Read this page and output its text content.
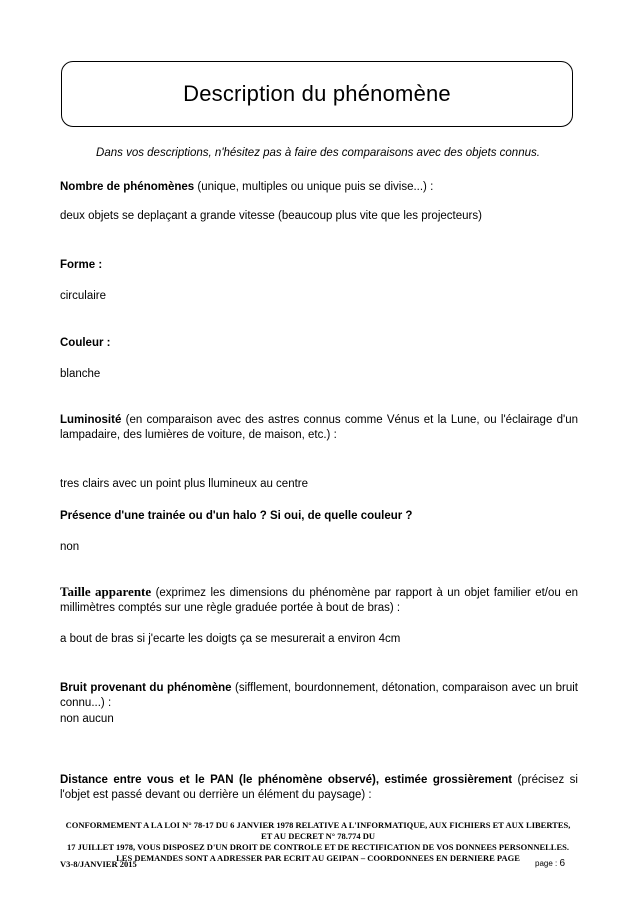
Description du phénomène
Dans vos descriptions, n'hésitez pas à faire des comparaisons avec des objets connus.
Nombre de phénomènes (unique, multiples ou unique puis se divise...) :
deux objets se deplaçant a grande vitesse (beaucoup plus vite que les projecteurs)
Forme :
circulaire
Couleur :
blanche
Luminosité (en comparaison avec des astres connus comme Vénus et la Lune, ou l'éclairage d'un lampadaire, des lumières de voiture, de maison, etc.) :
tres clairs avec un point plus llumineux au centre
Présence d'une trainée ou d'un halo ? Si oui, de quelle couleur ?
non
Taille apparente (exprimez les dimensions du phénomène par rapport à un objet familier et/ou en millimètres comptés sur une règle graduée portée à bout de bras) :
a bout de bras si j'ecarte les doigts ça se mesurerait a environ 4cm
Bruit provenant du phénomène (sifflement, bourdonnement, détonation, comparaison avec un bruit connu...) :
non aucun
Distance entre vous et le PAN (le phénomène observé), estimée grossièrement (précisez si l'objet est passé devant ou derrière un élément du paysage) :
CONFORMEMENT A LA LOI N° 78-17 DU 6 JANVIER 1978 RELATIVE A L'INFORMATIQUE, AUX FICHIERS ET AUX LIBERTES, ET AU DECRET N° 78.774 DU
17 JUILLET 1978, VOUS DISPOSEZ D'UN DROIT DE CONTROLE ET DE RECTIFICATION DE VOS DONNEES PERSONNELLES.
LES DEMANDES SONT A ADRESSER PAR ECRIT AU GEIPAN – COORDONNEES EN DERNIERE PAGE
V3-8/JANVIER 2015	page : 6
